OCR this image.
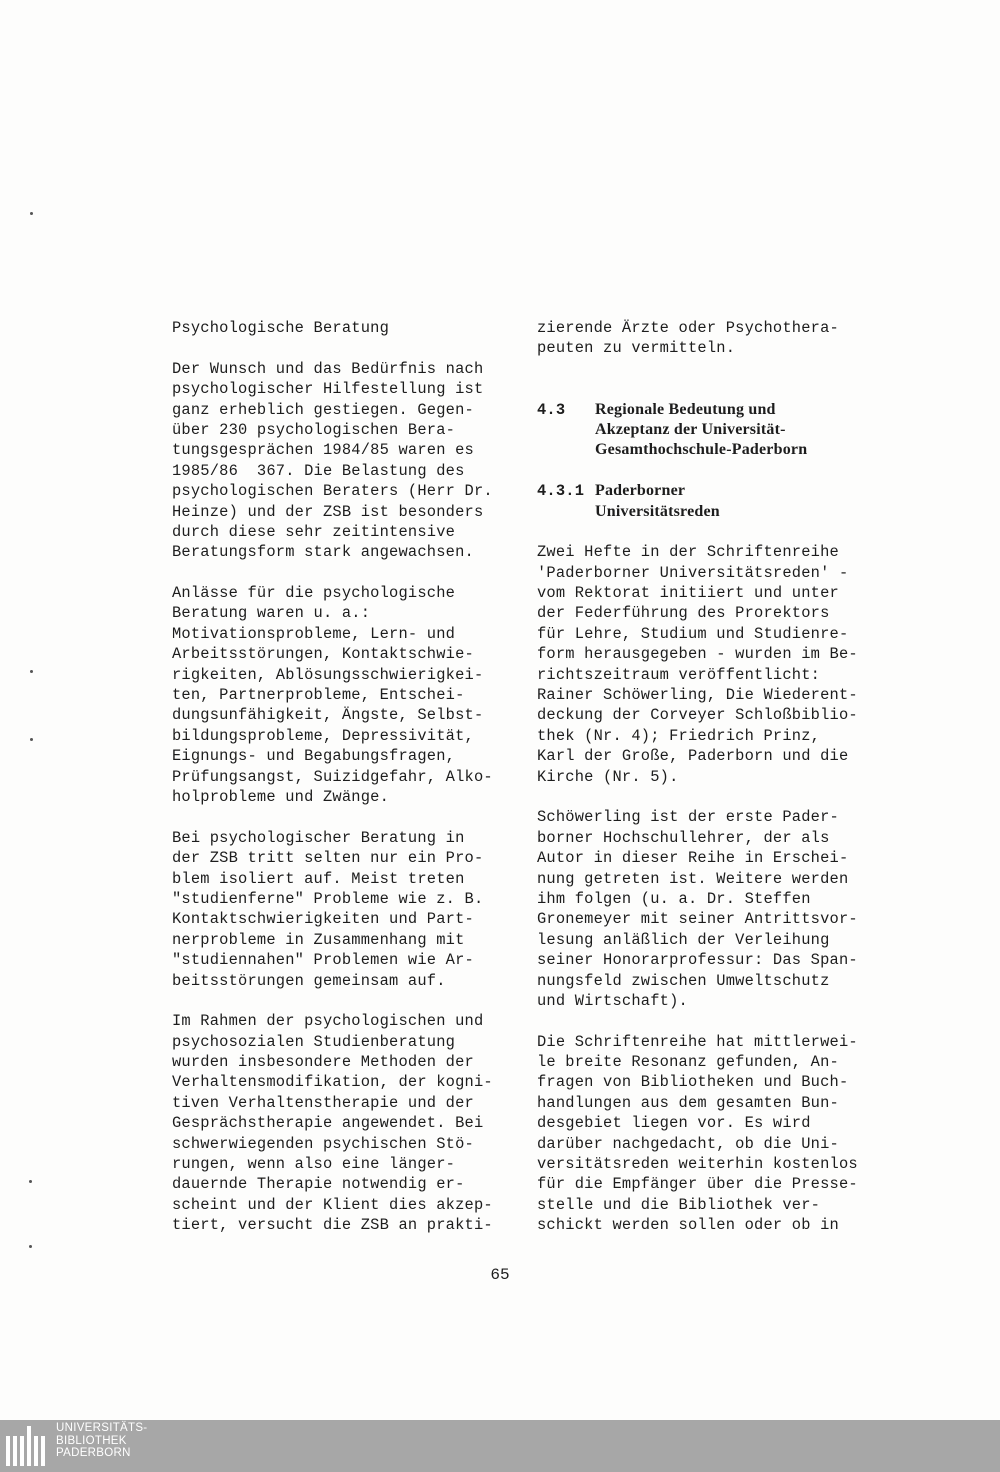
Psychologische Beratung
Der Wunsch und das Bedürfnis nach
psychologischer Hilfestellung ist
ganz erheblich gestiegen. Gegen-
über 230 psychologischen Bera-
tungsgesprächen 1984/85 waren es
1985/86  367. Die Belastung des
psychologischen Beraters (Herr Dr.
Heinze) und der ZSB ist besonders
durch diese sehr zeitintensive
Beratungsform stark angewachsen.
Anlässe für die psychologische
Beratung waren u. a.:
Motivationsprobleme, Lern- und
Arbeitsstörungen, Kontaktschwie-
rigkeiten, Ablösungsschwierigkei-
ten, Partnerprobleme, Entschei-
dungsunfähigkeit, Ängste, Selbst-
bildungsprobleme, Depressivität,
Eignungs- und Begabungsfragen,
Prüfungsangst, Suizidgefahr, Alko-
holprobleme und Zwänge.
Bei psychologischer Beratung in
der ZSB tritt selten nur ein Pro-
blem isoliert auf. Meist treten
"studienferne" Probleme wie z. B.
Kontaktschwierigkeiten und Part-
nerprobleme in Zusammenhang mit
"studiennahen" Problemen wie Ar-
beitsstörungen gemeinsam auf.
Im Rahmen der psychologischen und
psychosozialen Studienberatung
wurden insbesondere Methoden der
Verhaltensmodifikation, der kogni-
tiven Verhaltenstherapie und der
Gesprächstherapie angewendet. Bei
schwerwiegenden psychischen Stö-
rungen, wenn also eine länger-
dauernde Therapie notwendig er-
scheint und der Klient dies akzep-
tiert, versucht die ZSB an prakti-
zierende Ärzte oder Psychothera-
peuten zu vermitteln.
4.3 Regionale Bedeutung und
Akzeptanz der Universität-
Gesamthochschule-Paderborn
4.3.1 Paderborner
Universitätsreden
Zwei Hefte in der Schriftenreihe
'Paderborner Universitätsreden' -
vom Rektorat initiiert und unter
der Federführung des Prorektors
für Lehre, Studium und Studienre-
form herausgegeben - wurden im Be-
richtszeitraum veröffentlicht:
Rainer Schöwerling, Die Wiederent-
deckung der Corveyer Schloßbiblio-
thek (Nr. 4); Friedrich Prinz,
Karl der Große, Paderborn und die
Kirche (Nr. 5).
Schöwerling ist der erste Pader-
borner Hochschullehrer, der als
Autor in dieser Reihe in Erschei-
nung getreten ist. Weitere werden
ihm folgen (u. a. Dr. Steffen
Gronemeyer mit seiner Antrittsvor-
lesung anläßlich der Verleihung
seiner Honorarprofessur: Das Span-
nungsfeld zwischen Umweltschutz
und Wirtschaft).
Die Schriftenreihe hat mittlerwei-
le breite Resonanz gefunden, An-
fragen von Bibliotheken und Buch-
handlungen aus dem gesamten Bun-
desgebiet liegen vor. Es wird
darüber nachgedacht, ob die Uni-
versitätsreden weiterhin kostenlos
für die Empfänger über die Presse-
stelle und die Bibliothek ver-
schickt werden sollen oder ob in
65
UNIVERSITÄTS-
BIBLIOTHEK
PADERBORN
